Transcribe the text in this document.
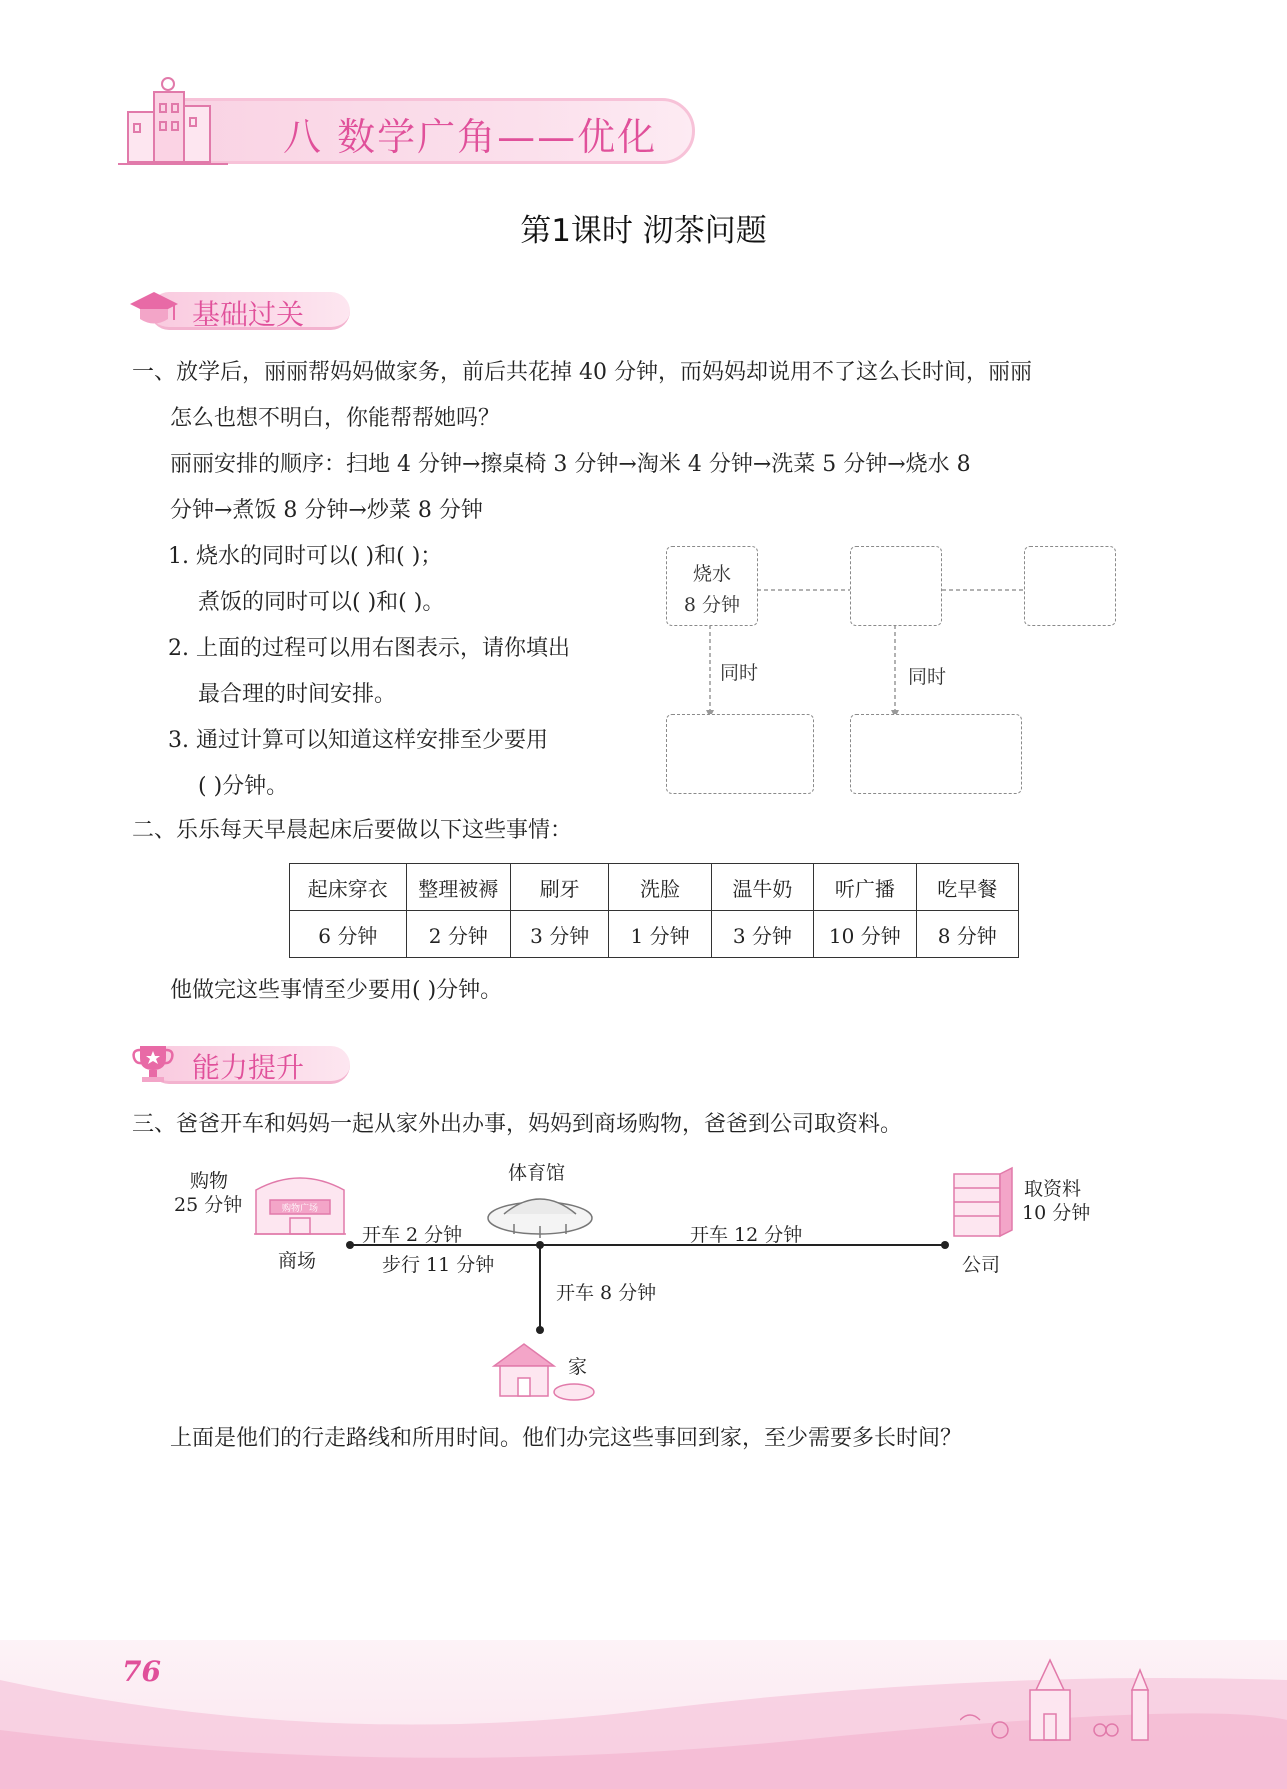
八 数学广角——优化
第1课时 沏茶问题
基础过关
一、放学后，丽丽帮妈妈做家务，前后共花掉 40 分钟，而妈妈却说用不了这么长时间，丽丽
怎么也想不明白，你能帮帮她吗？
丽丽安排的顺序：扫地 4 分钟→擦桌椅 3 分钟→淘米 4 分钟→洗菜 5 分钟→烧水 8
分钟→煮饭 8 分钟→炒菜 8 分钟
1. 烧水的同时可以( )和( )；
煮饭的同时可以( )和( )。
2. 上面的过程可以用右图表示，请你填出
最合理的时间安排。
3. 通过计算可以知道这样安排至少要用
( )分钟。
烧水
8 分钟
同时	同时
二、乐乐每天早晨起床后要做以下这些事情：
起床穿衣	整理被褥	刷牙	洗脸	温牛奶	听广播	吃早餐
6 分钟	2 分钟	3 分钟	1 分钟	3 分钟	10 分钟	8 分钟
他做完这些事情至少要用( )分钟。
能力提升
三、爸爸开车和妈妈一起从家外出办事，妈妈到商场购物，爸爸到公司取资料。
购物广场
购物
25 分钟
商场
体育馆
取资料
10 分钟
公司
开车 2 分钟
步行 11 分钟
开车 12 分钟
开车 8 分钟
家
上面是他们的行走路线和所用时间。他们办完这些事回到家，至少需要多长时间？
76
